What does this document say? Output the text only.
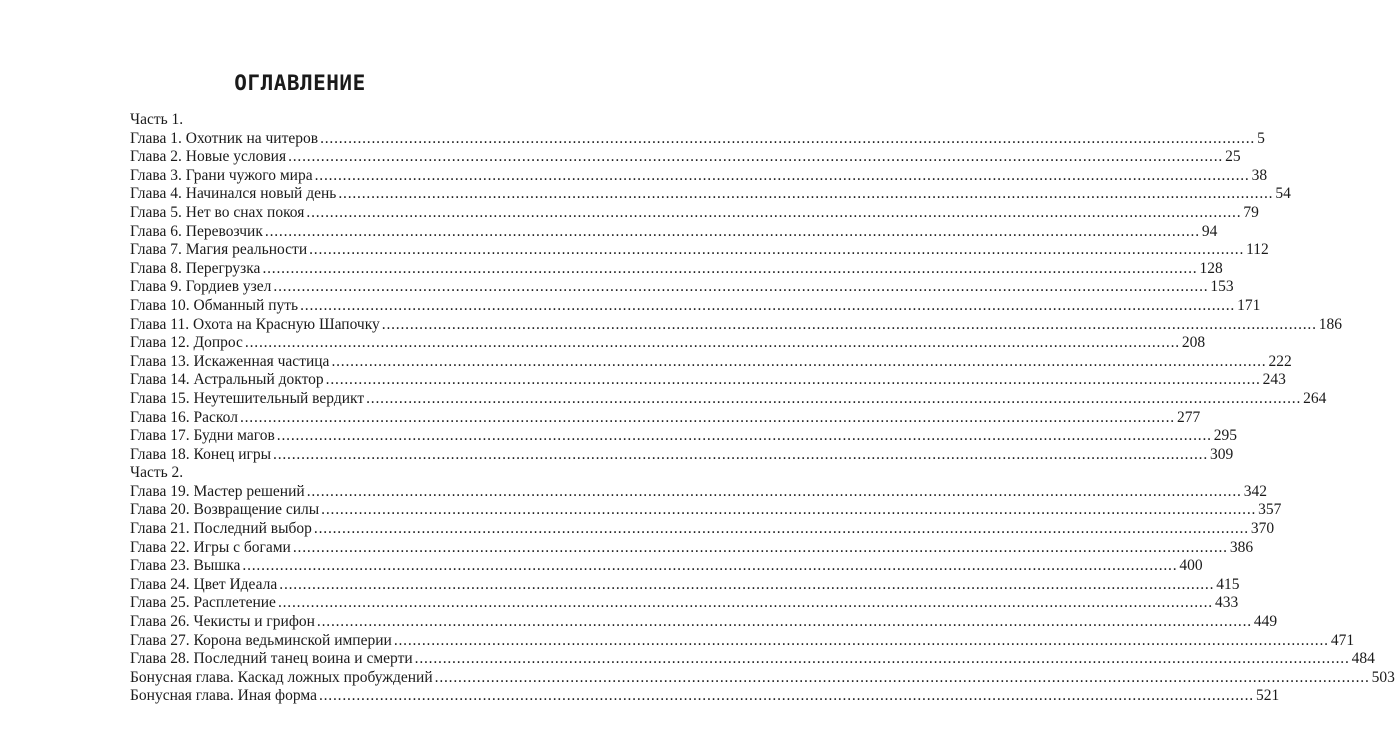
ОГЛАВЛЕНИЕ
Часть 1.
Глава 1. Охотник на читеров ........................................................................................................................................................................................................ 5
Глава 2. Новые условия ........................................................................................................................................................................................................ 25
Глава 3. Грани чужого мира ........................................................................................................................................................................................................ 38
Глава 4. Начинался новый день ........................................................................................................................................................................................................ 54
Глава 5. Нет во снах покоя ........................................................................................................................................................................................................ 79
Глава 6. Перевозчик ........................................................................................................................................................................................................ 94
Глава 7. Магия реальности ........................................................................................................................................................................................................ 112
Глава 8. Перегрузка ........................................................................................................................................................................................................ 128
Глава 9. Гордиев узел ........................................................................................................................................................................................................ 153
Глава 10. Обманный путь ........................................................................................................................................................................................................ 171
Глава 11. Охота на Красную Шапочку ........................................................................................................................................................................................................ 186
Глава 12. Допрос ........................................................................................................................................................................................................ 208
Глава 13. Искаженная частица ........................................................................................................................................................................................................ 222
Глава 14. Астральный доктор ........................................................................................................................................................................................................ 243
Глава 15. Неутешительный вердикт ........................................................................................................................................................................................................ 264
Глава 16. Раскол ........................................................................................................................................................................................................ 277
Глава 17. Будни магов ........................................................................................................................................................................................................ 295
Глава 18. Конец игры ........................................................................................................................................................................................................ 309
Часть 2.
Глава 19. Мастер решений ........................................................................................................................................................................................................ 342
Глава 20. Возвращение силы ........................................................................................................................................................................................................ 357
Глава 21. Последний выбор ........................................................................................................................................................................................................ 370
Глава 22. Игры с богами ........................................................................................................................................................................................................ 386
Глава 23. Вышка ........................................................................................................................................................................................................ 400
Глава 24. Цвет Идеала ........................................................................................................................................................................................................ 415
Глава 25. Расплетение ........................................................................................................................................................................................................ 433
Глава 26. Чекисты и грифон ........................................................................................................................................................................................................ 449
Глава 27. Корона ведьминской империи ........................................................................................................................................................................................................ 471
Глава 28. Последний танец воина и смерти ........................................................................................................................................................................................................ 484
Бонусная глава. Каскад ложных пробуждений ........................................................................................................................................................................................................ 503
Бонусная глава. Иная форма ........................................................................................................................................................................................................ 521
